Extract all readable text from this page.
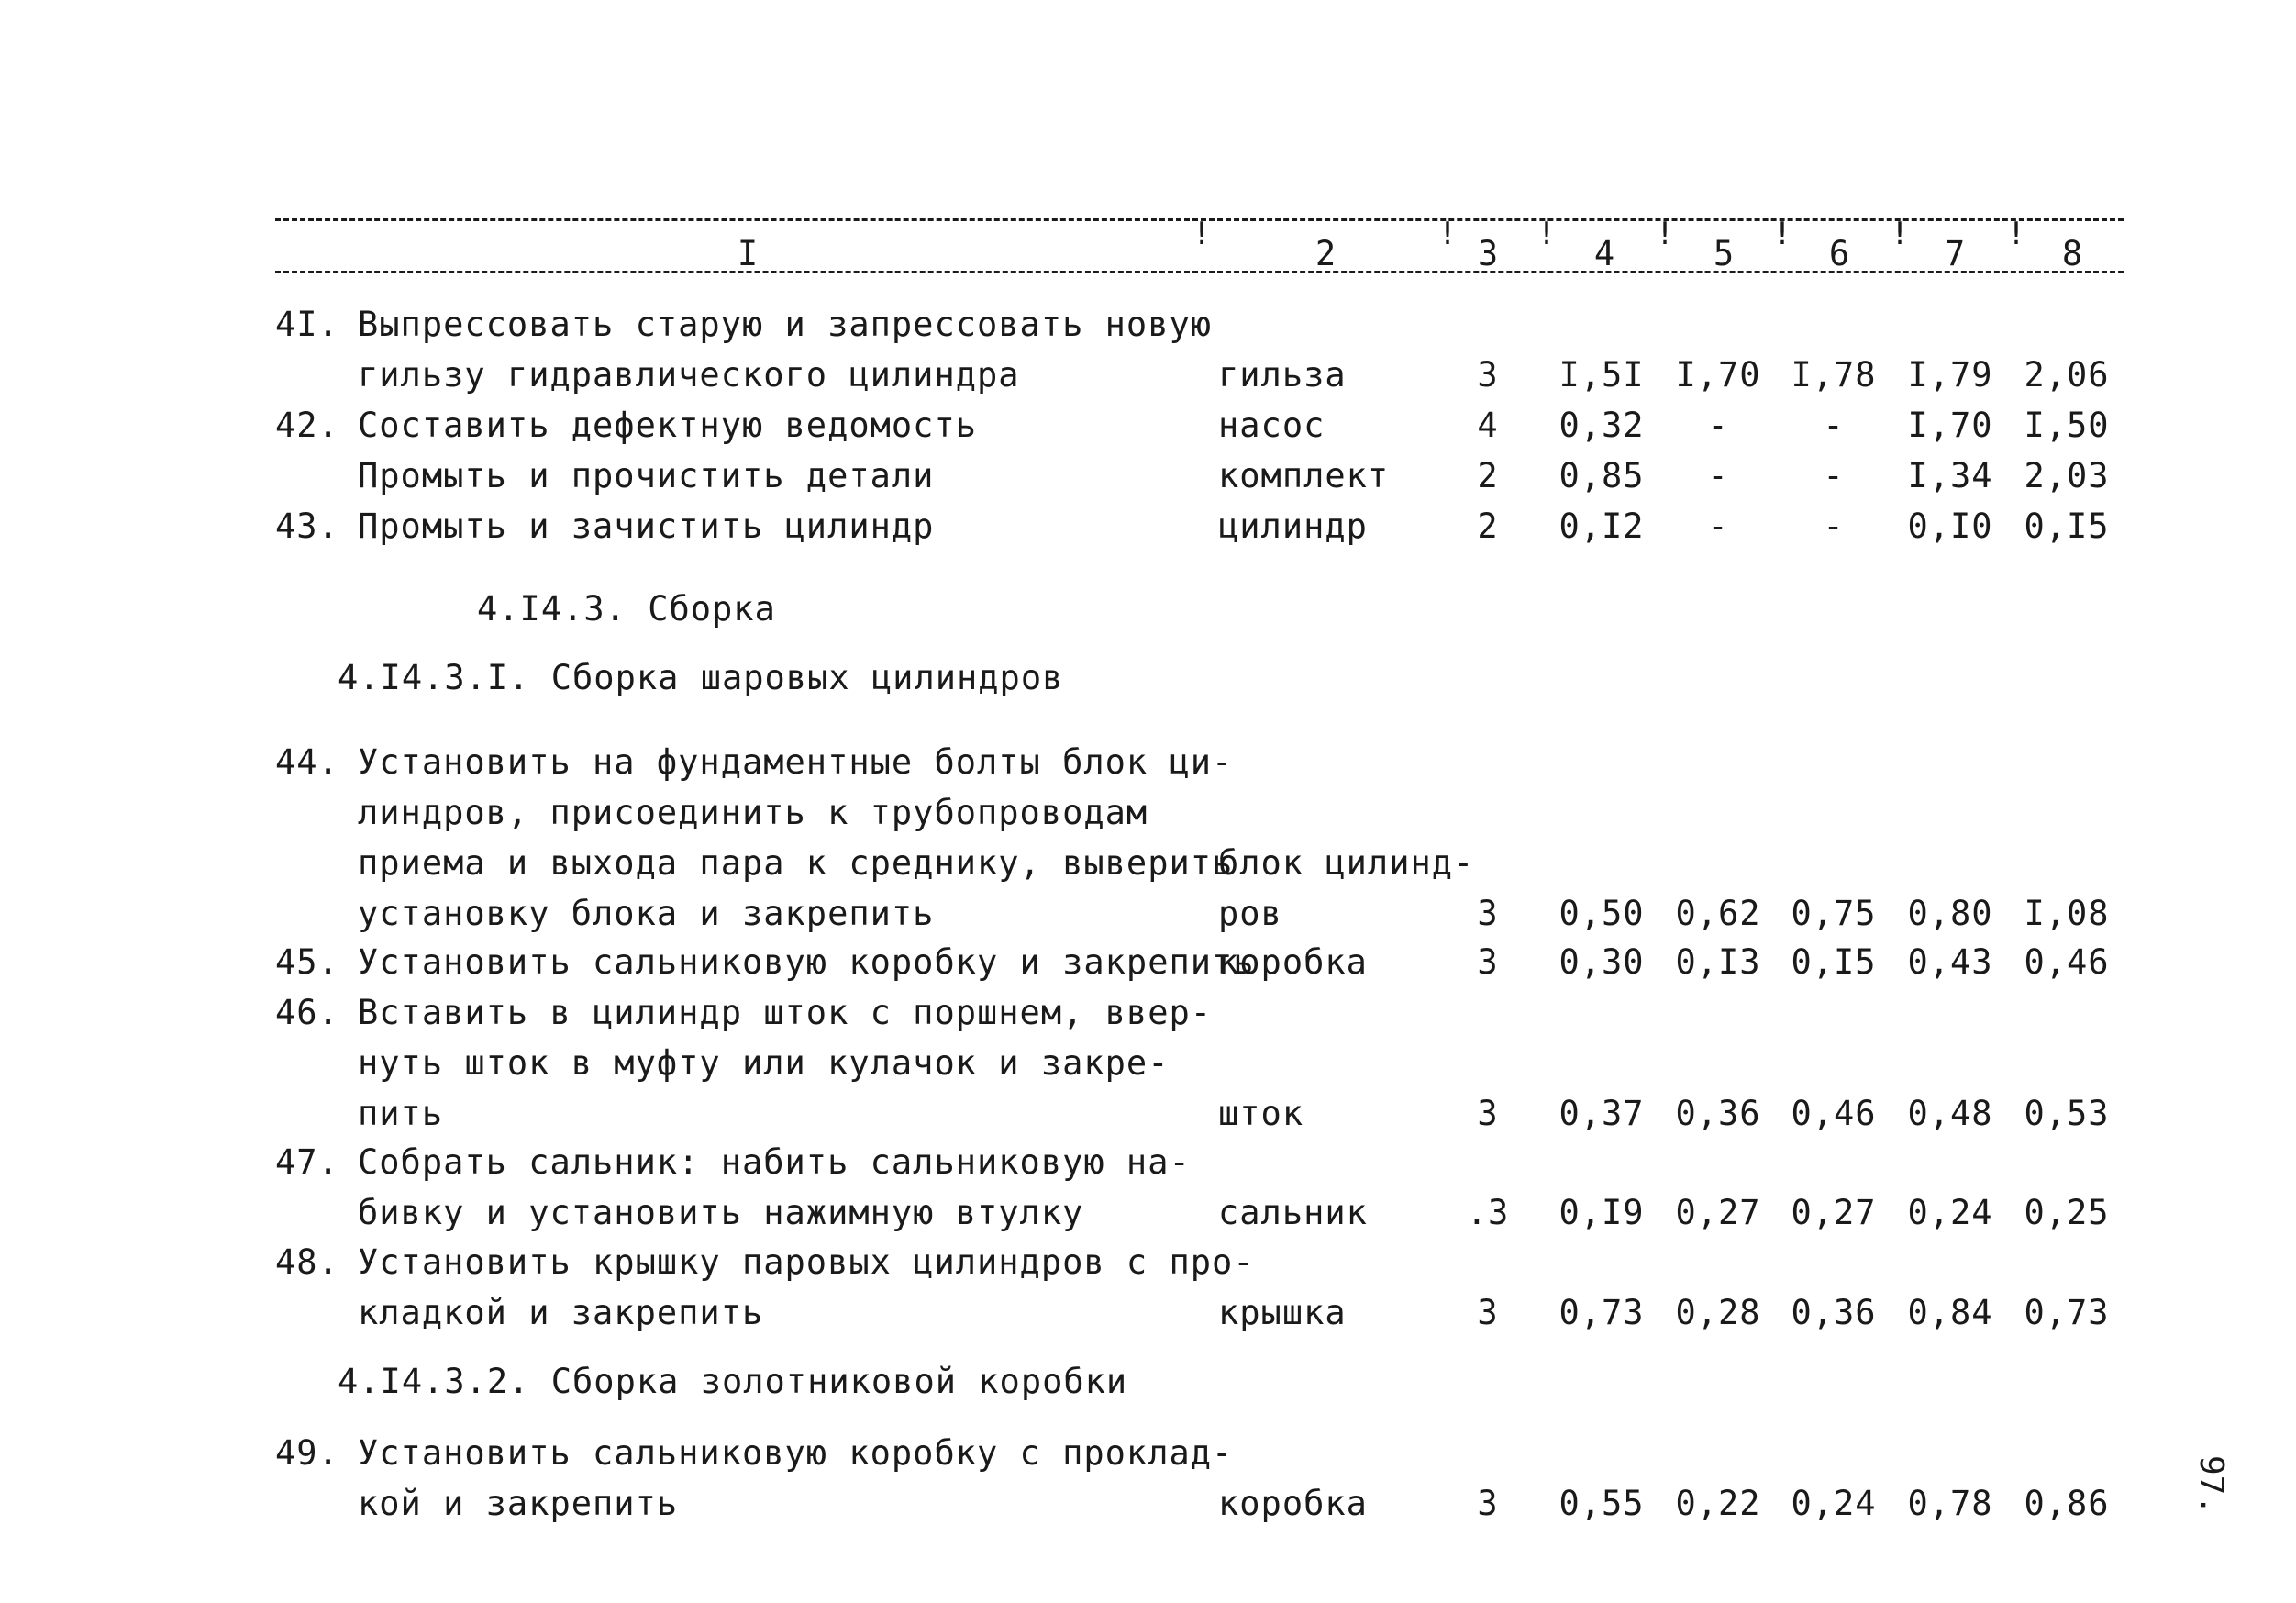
!	!	!	!	!	!	!
I	2	3	4	5	6	7	8
4.I4.3. Сборка
4.I4.3.I. Сборка шаровых цилиндров
4.I4.3.2. Сборка золотниковой коробки
4I. Выпрессовать старую и запрессовать новую
гильзу гидравлического цилиндра	гильза	3 I,5I I,70 I,78 I,79 2,06
42. Составить дефектную ведомость	насос	4 0,32 -	- I,70 I,50
Промыть и прочистить детали	комплект	2 0,85 -	- I,34 2,03
43. Промыть и зачистить цилиндр	цилиндр	2 0,I2 -	- 0,I0 0,I5
44. Установить на фундаментные болты блок ци-
линдров, присоединить к трубопроводам
приема и выхода пара к среднику, выверить
установку блока и закрепить
блок цилинд-
ров	3 0,50 0,62 0,75 0,80 I,08
45. Установить сальниковую коробку и закрепить
коробка	3 0,30 0,I3 0,I5 0,43 0,46
46. Вставить в цилиндр шток с поршнем, ввер-
нуть шток в муфту или кулачок и закре-
пить	шток	3 0,37 0,36 0,46 0,48 0,53
47. Собрать сальник: набить сальниковую на-
бивку и установить нажимную втулку	сальник	.3 0,I9 0,27 0,27 0,24 0,25
48. Установить крышку паровых цилиндров с про-
кладкой и закрепить	крышка	3 0,73 0,28 0,36 0,84 0,73
49. Установить сальниковую коробку с проклад-
кой и закрепить	коробка	3 0,55 0,22 0,24 0,78 0,86	97.
